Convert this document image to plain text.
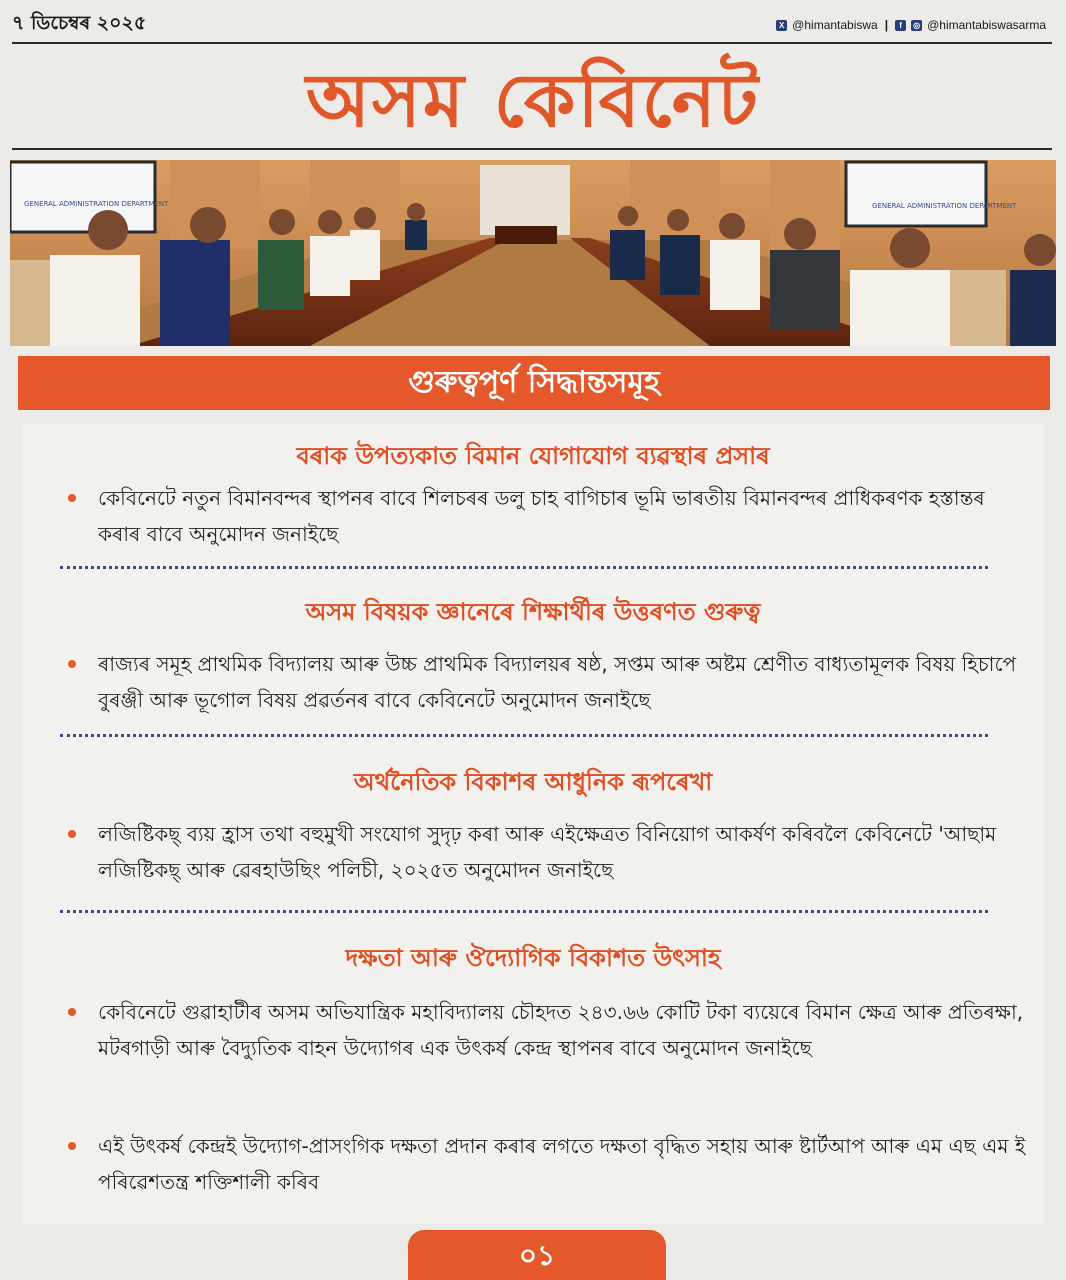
৭ ডিচেম্বৰ ২০২৫	X @himantabiswa |	f	◎ @himantabiswasarma
অসম কেবিনেট
GENERAL ADMINISTRATION DEPARTMENT	GENERAL ADMINISTRATION DEPARTMENT
গুৰুত্বপূৰ্ণ সিদ্ধান্তসমূহ
বৰাক উপত্যকাত বিমান যোগাযোগ ব্যৱস্থাৰ প্ৰসাৰ
কেবিনেটে নতুন বিমানবন্দৰ স্থাপনৰ বাবে শিলচৰৰ ডলু চাহ বাগিচাৰ ভূমি ভাৰতীয় বিমানবন্দৰ প্ৰাধিকৰণক হস্তান্তৰ কৰাৰ বাবে অনুমোদন জনাইছে
অসম বিষয়ক জ্ঞানেৰে শিক্ষাৰ্থীৰ উত্তৰণত গুৰুত্ব
ৰাজ্যৰ সমূহ প্ৰাথমিক বিদ্যালয় আৰু উচ্চ প্ৰাথমিক বিদ্যালয়ৰ ষষ্ঠ, সপ্তম আৰু অষ্টম শ্ৰেণীত বাধ্যতামূলক বিষয় হিচাপে বুৰঞ্জী আৰু ভূগোল বিষয় প্ৰৱৰ্তনৰ বাবে কেবিনেটে অনুমোদন জনাইছে
অৰ্থনৈতিক বিকাশৰ আধুনিক ৰূপৰেখা
লজিষ্টিকছ্ ব্যয় হ্ৰাস তথা বহুমুখী সংযোগ সুদৃঢ় কৰা আৰু এইক্ষেত্ৰত বিনিয়োগ আকৰ্ষণ কৰিবলৈ কেবিনেটে 'আছাম লজিষ্টিকছ্ আৰু ৱেৰহাউছিং পলিচী, ২০২৫ত অনুমোদন জনাইছে
দক্ষতা আৰু ঔদ্যোগিক বিকাশত উৎসাহ
কেবিনেটে গুৱাহাটীৰ অসম অভিযান্ত্ৰিক মহাবিদ্যালয় চৌহদত ২৪৩.৬৬ কোটি টকা ব্যয়েৰে বিমান ক্ষেত্ৰ আৰু প্ৰতিৰক্ষা, মটৰগাড়ী আৰু বৈদ্যুতিক বাহন উদ্যোগৰ এক উৎকৰ্ষ কেন্দ্ৰ স্থাপনৰ বাবে অনুমোদন জনাইছে
এই উৎকৰ্ষ কেন্দ্ৰই উদ্যোগ-প্ৰাসংগিক দক্ষতা প্ৰদান কৰাৰ লগতে দক্ষতা বৃদ্ধিত সহায় আৰু ষ্টাৰ্টআপ আৰু এম এছ এম ই পৰিৱেশতন্ত্ৰ শক্তিশালী কৰিব
০১
